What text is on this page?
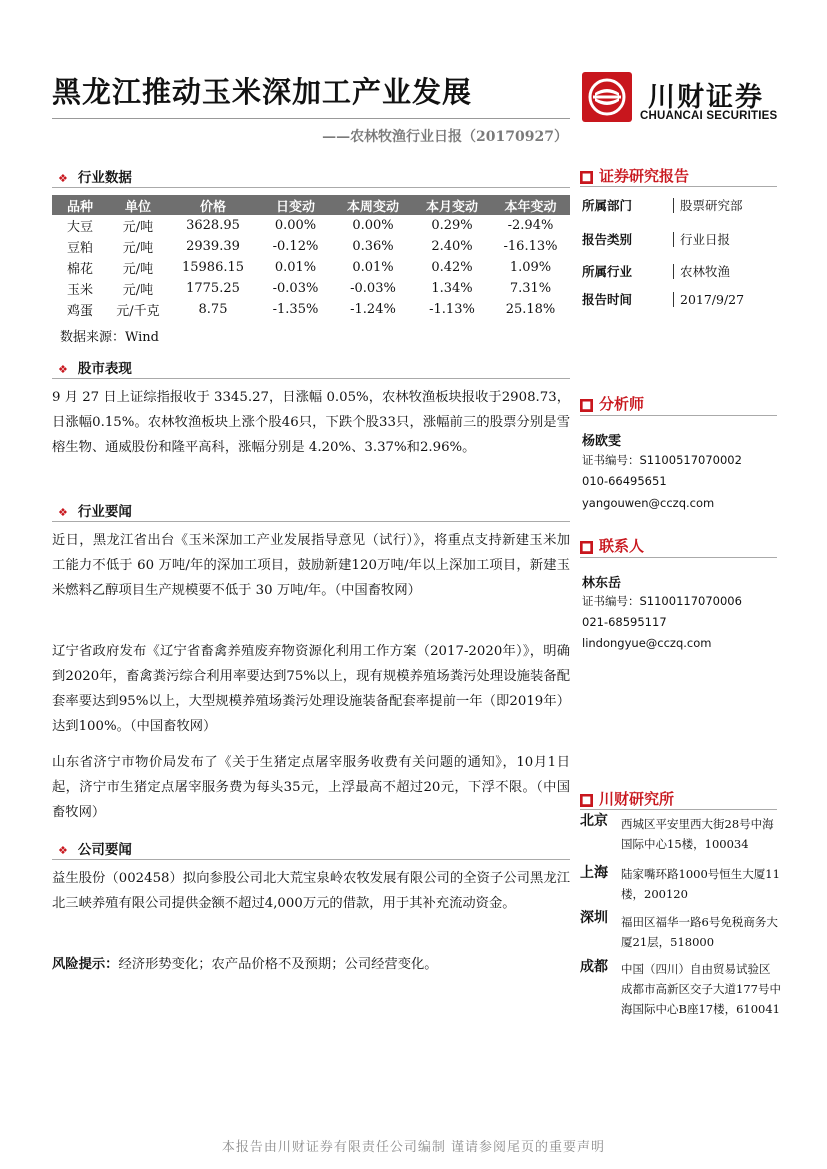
黑龙江推动玉米深加工产业发展
——农林牧渔行业日报（20170927）
川财证券
CHUANCAI SECURITIES
❖ 行业数据
品种	单位	价格	日变动	本周变动	本月变动	本年变动
大豆	元/吨	3628.95	0.00%	0.00%	0.29%	-2.94%
豆粕	元/吨	2939.39	-0.12%	0.36%	2.40%	-16.13%
棉花	元/吨	15986.15	0.01%	0.01%	0.42%	1.09%
玉米	元/吨	1775.25	-0.03%	-0.03%	1.34%	7.31%
鸡蛋	元/千克	8.75	-1.35%	-1.24%	-1.13%	25.18%
数据来源：Wind
❖ 股市表现
9 月 27 日上证综指报收于 3345.27，日涨幅 0.05%，农林牧渔板块报收于2908.73，日涨幅0.15%。农林牧渔板块上涨个股46只，下跌个股33只，涨幅前三的股票分别是雪榕生物、通威股份和隆平高科，涨幅分别是 4.20%、3.37%和2.96%。
❖ 行业要闻
近日，黑龙江省出台《玉米深加工产业发展指导意见（试行）》，将重点支持新建玉米加工能力不低于 60 万吨/年的深加工项目，鼓励新建120万吨/年以上深加工项目，新建玉米燃料乙醇项目生产规模要不低于 30 万吨/年。（中国畜牧网）
辽宁省政府发布《辽宁省畜禽养殖废弃物资源化利用工作方案（2017-2020年）》，明确到2020年，畜禽粪污综合利用率要达到75%以上，现有规模养殖场粪污处理设施装备配套率要达到95%以上，大型规模养殖场粪污处理设施装备配套率提前一年（即2019年）达到100%。（中国畜牧网）
山东省济宁市物价局发布了《关于生猪定点屠宰服务收费有关问题的通知》，10月1日起，济宁市生猪定点屠宰服务费为每头35元，上浮最高不超过20元，下浮不限。（中国畜牧网）
❖ 公司要闻
益生股份（002458）拟向参股公司北大荒宝泉岭农牧发展有限公司的全资子公司黑龙江北三峡养殖有限公司提供金额不超过4,000万元的借款，用于其补充流动资金。
风险提示：经济形势变化；农产品价格不及预期；公司经营变化。
■ 证券研究报告
所属部门	股票研究部
报告类别	行业日报
所属行业	农林牧渔
报告时间	2017/9/27
■ 分析师
杨欧雯
证书编号：S1100517070002
010-66495651
yangouwen@cczq.com
■ 联系人
林东岳
证书编号：S1100117070006
021-68595117
lindongyue@cczq.com
■ 川财研究所
北京 西城区平安里西大街28号中海国际中心15楼，100034
上海 陆家嘴环路1000号恒生大厦11楼，200120
深圳 福田区福华一路6号免税商务大厦21层，518000
成都 中国（四川）自由贸易试验区成都市高新区交子大道177号中海国际中心B座17楼，610041
本报告由川财证券有限责任公司编制 谨请参阅尾页的重要声明
